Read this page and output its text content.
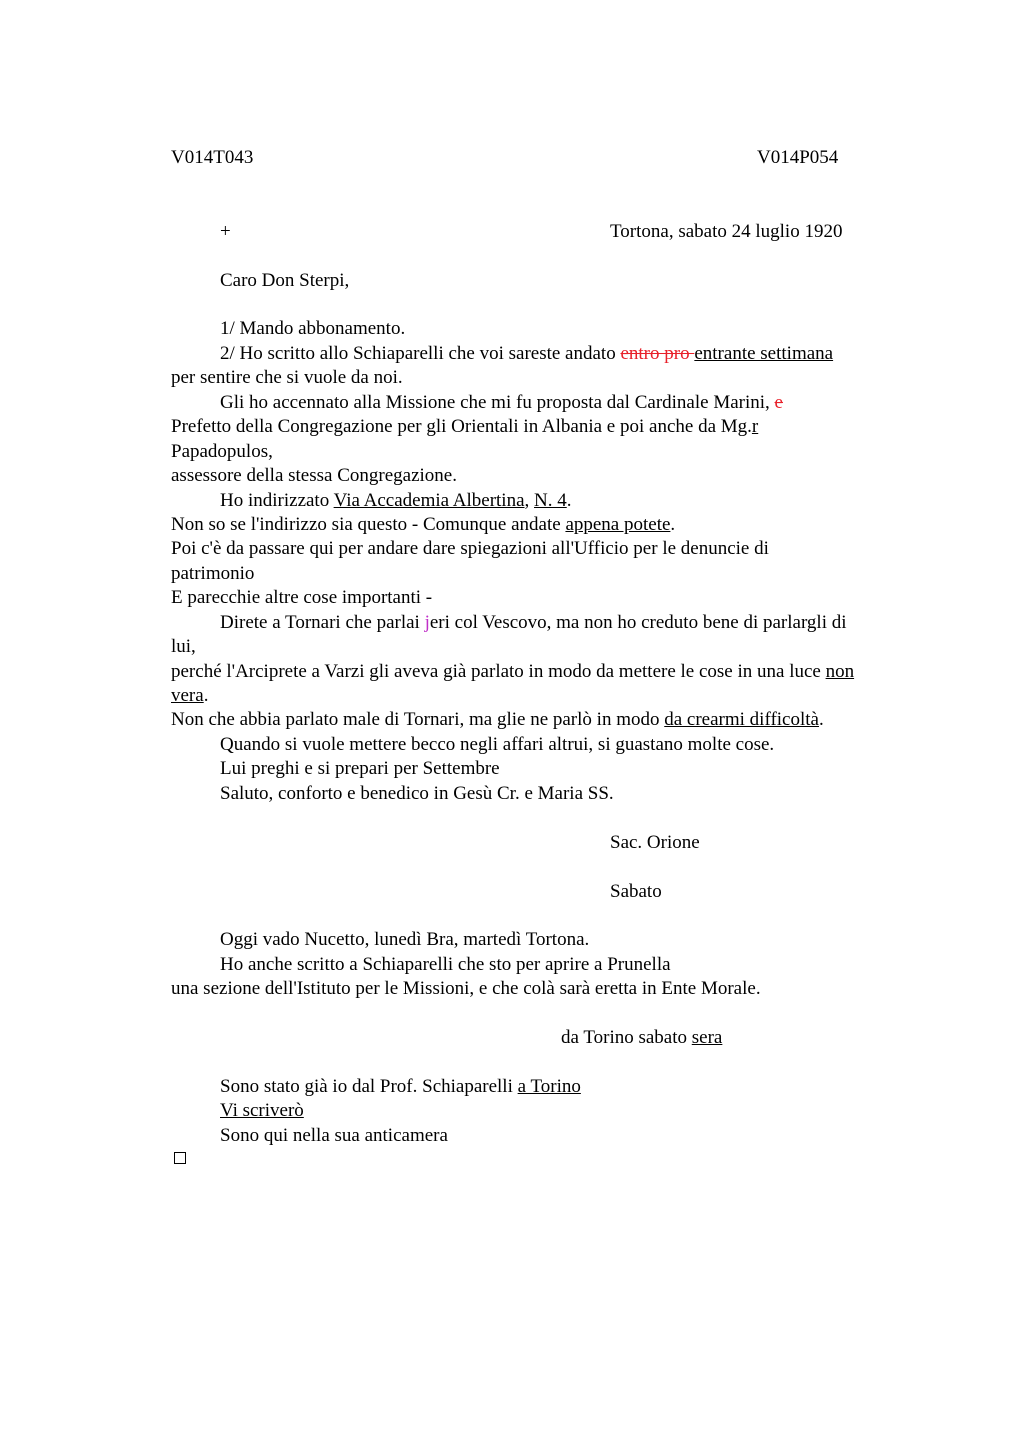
V014T043	V014P054
+	Tortona, sabato 24 luglio 1920
Caro Don Sterpi,
1/ Mando abbonamento.
2/ Ho scritto allo Schiaparelli che voi sareste andato entro pro entrante settimana
per sentire che si vuole da noi.
Gli ho accennato alla Missione che mi fu proposta dal Cardinale Marini, e
Prefetto della Congregazione per gli Orientali in Albania e poi anche da Mg.r
Papadopulos,
assessore della stessa Congregazione.
Ho indirizzato Via Accademia Albertina, N. 4.
Non so se l'indirizzo sia questo - Comunque andate appena potete.
Poi c'è da passare qui per andare dare spiegazioni all'Ufficio per le denuncie di
patrimonio
E parecchie altre cose importanti -
Direte a Tornari che parlai jeri col Vescovo, ma non ho creduto bene di parlargli di
lui,
perché l'Arciprete a Varzi gli aveva già parlato in modo da mettere le cose in una luce non
vera.
Non che abbia parlato male di Tornari, ma glie ne parlò in modo da crearmi difficoltà.
Quando si vuole mettere becco negli affari altrui, si guastano molte cose.
Lui preghi e si prepari per Settembre
Saluto, conforto e benedico in Gesù Cr. e Maria SS.
Sac. Orione
Sabato
Oggi vado Nucetto, lunedì Bra, martedì Tortona.
Ho anche scritto a Schiaparelli che sto per aprire a Prunella
una sezione dell'Istituto per le Missioni, e che colà sarà eretta in Ente Morale.
da Torino sabato sera
Sono stato già io dal Prof. Schiaparelli a Torino
Vi scriverò
Sono qui nella sua anticamera
